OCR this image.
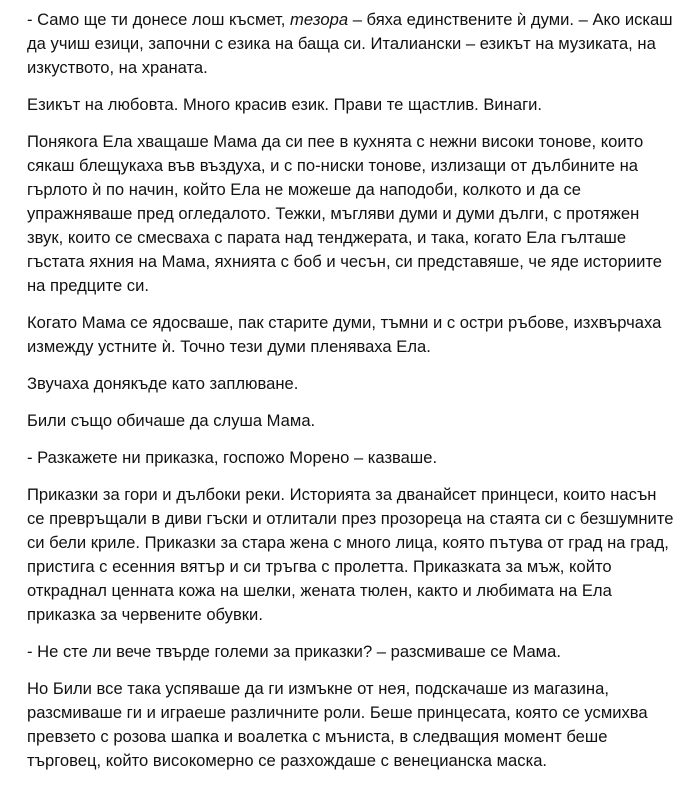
- Само ще ти донесе лош късмет, тезора – бяха единствените ѝ думи. – Ако искаш да учиш езици, започни с езика на баща си. Италиански – езикът на музиката, на изкуството, на храната.

Езикът на любовта. Много красив език. Прави те щастлив. Винаги.

Понякога Ела хващаше Мама да си пее в кухнята с нежни високи тонове, които сякаш блещукаха във въздуха, и с по-ниски тонове, излизащи от дълбините на гърлото ѝ по начин, който Ела не можеше да наподоби, колкото и да се упражняваше пред огледалото. Тежки, мъгляви думи и думи дълги, с протяжен звук, които се смесваха с парата над тенджерата, и така, когато Ела гълташе гъстата яхния на Мама, яхнията с боб и чесън, си представяше, че яде историите на предците си.

Когато Мама се ядосваше, пак старите думи, тъмни и с остри ръбове, изхвърчаха измежду устните ѝ. Точно тези думи пленяваха Ела.

Звучаха донякъде като заплюване.

Били също обичаше да слуша Мама.

- Разкажете ни приказка, госпожо Морено – казваше.

Приказки за гори и дълбоки реки. Историята за дванайсет принцеси, които насън се превръщали в диви гъски и отлитали през прозореца на стаята си с безшумните си бели криле. Приказки за стара жена с много лица, която пътува от град на град, пристига с есенния вятър и си тръгва с пролетта. Приказката за мъж, който откраднал ценната кожа на шелки, жената тюлен, както и любимата на Ела приказка за червените обувки.

- Не сте ли вече твърде големи за приказки? – разсмиваше се Мама.

Но Били все така успяваше да ги измъкне от нея, подскачаше из магазина, разсмиваше ги и играеше различните роли. Беше принцесата, която се усмихва превзето с розова шапка и воалетка с мъниста, в следващия момент беше търговец, който високомерно се разхождаше с венецианска маска.
